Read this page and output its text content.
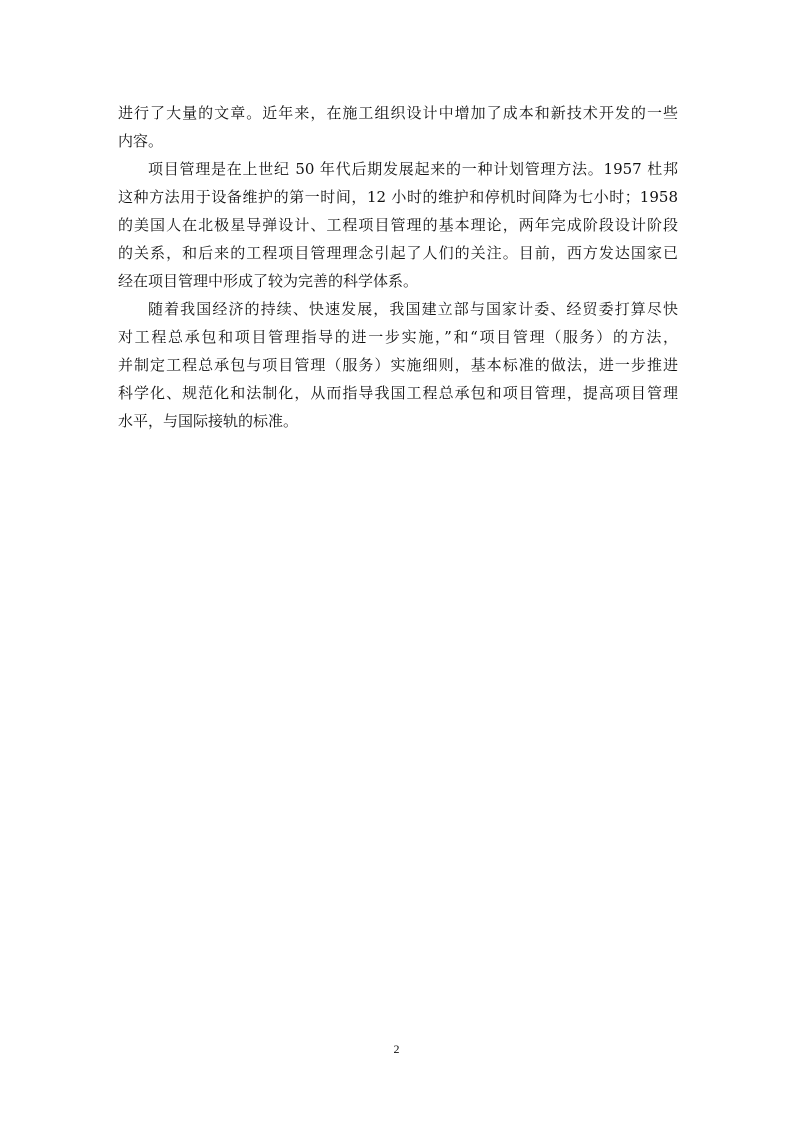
进行了大量的文章。近年来，在施工组织设计中增加了成本和新技术开发的一些
内容。
项目管理是在上世纪 50 年代后期发展起来的一种计划管理方法。1957 杜邦
这种方法用于设备维护的第一时间，12 小时的维护和停机时间降为七小时；1958
的美国人在北极星导弹设计、工程项目管理的基本理论，两年完成阶段设计阶段
的关系，和后来的工程项目管理理念引起了人们的关注。目前，西方发达国家已
经在项目管理中形成了较为完善的科学体系。
随着我国经济的持续、快速发展，我国建立部与国家计委、经贸委打算尽快
对工程总承包和项目管理指导的进一步实施，”和“项目管理（服务）的方法，
并制定工程总承包与项目管理（服务）实施细则，基本标准的做法，进一步推进
科学化、规范化和法制化，从而指导我国工程总承包和项目管理，提高项目管理
水平，与国际接轨的标准。
2
